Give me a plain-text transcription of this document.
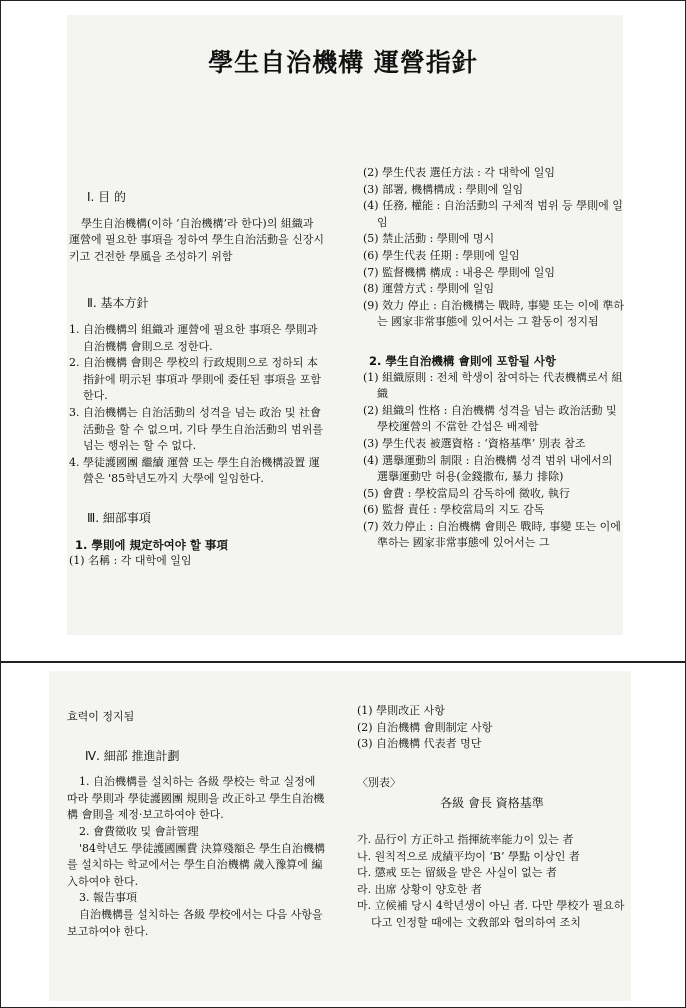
學生自治機構 運營指針

Ⅰ. 目 的

學生自治機構(이하 ‘自治機構’라 한다)의 組織과 運營에 필요한 事項을 정하여 學生自治活動을 신장시키고 건전한 學風을 조성하기 위함

Ⅱ. 基本方針

1. 自治機構의 組織과 運營에 필요한 事項은 學則과 自治機構 會則으로 정한다.

2. 自治機構 會則은 學校의 行政規則으로 정하되 本指針에 明示된 事項과 學則에 委任된 事項을 포함한다.

3. 自治機構는 自治活動의 성격을 넘는 政治 및 社會活動을 할 수 없으며, 기타 學生自治活動의 범위를 넘는 행위는 할 수 없다.

4. 學徒護國團 繼續 運營 또는 學生自治機構設置 運營은 '85학년도까지 大學에 일임한다.

Ⅲ. 細部事項

1. 學則에 規定하여야 할 事項

(1) 名稱 : 각 대학에 일임

(2) 學生代表 選任方法 : 각 대학에 일임

(3) 部署, 機構構成 : 學則에 일임

(4) 任務, 權能 : 自治活動의 구체적 범위 등 學則에 일임

(5) 禁止活動 : 學則에 명시

(6) 學生代表 任期 : 學則에 일임

(7) 監督機構 構成 : 내용은 學則에 일임

(8) 運營方式 : 學則에 일임

(9) 效力 停止 : 自治機構는 戰時, 事變 또는 이에 準하는 國家非常事態에 있어서는 그 활동이 정지됨

2. 學生自治機構 會則에 포함될 사항

(1) 組織原則 : 전체 학생이 참여하는 代表機構로서 組織

(2) 組織의 性格 : 自治機構 성격을 넘는 政治活動 및 學校運營의 不當한 간섭은 배제함

(3) 學生代表 被選資格 : ‘資格基準’ 別表 참조

(4) 選擧運動의 制限 : 自治機構 성격 범위 내에서의 選擧運動만 허용(金錢撒布, 暴力 排除)

(5) 會費 : 學校當局의 감독하에 徵收, 執行

(6) 監督 責任 : 學校當局의 지도 감독

(7) 效力停止 : 自治機構 會則은 戰時, 事變 또는 이에 準하는 國家非常事態에 있어서는 그

효력이 정지됨

Ⅳ. 細部 推進計劃

1. 自治機構를 설치하는 各級 學校는 학교 실정에 따라 學則과 學徒護國團 規則을 改正하고 學生自治機構 會則을 제정·보고하여야 한다.

2. 會費徵收 및 會計管理

'84학년도 學徒護國團費 決算殘額은 學生自治機構를 설치하는 학교에서는 學生自治機構 歲入豫算에 編入하여야 한다.

3. 報告事項

自治機構를 설치하는 各級 學校에서는 다음 사항을 보고하여야 한다.

(1) 學則改正 사항

(2) 自治機構 會則制定 사항

(3) 自治機構 代表者 명단

〈別表〉

各級 會長 資格基準

가. 品行이 方正하고 指揮統率能力이 있는 者

나. 원칙적으로 成績平均이 ‘B’ 學點 이상인 者

다. 懲戒 또는 留級을 받은 사실이 없는 者

라. 出席 상황이 양호한 者

마. 立候補 당시 4학년생이 아닌 者. 다만 學校가 필요하다고 인정할 때에는 文敎部와 협의하여 조치
